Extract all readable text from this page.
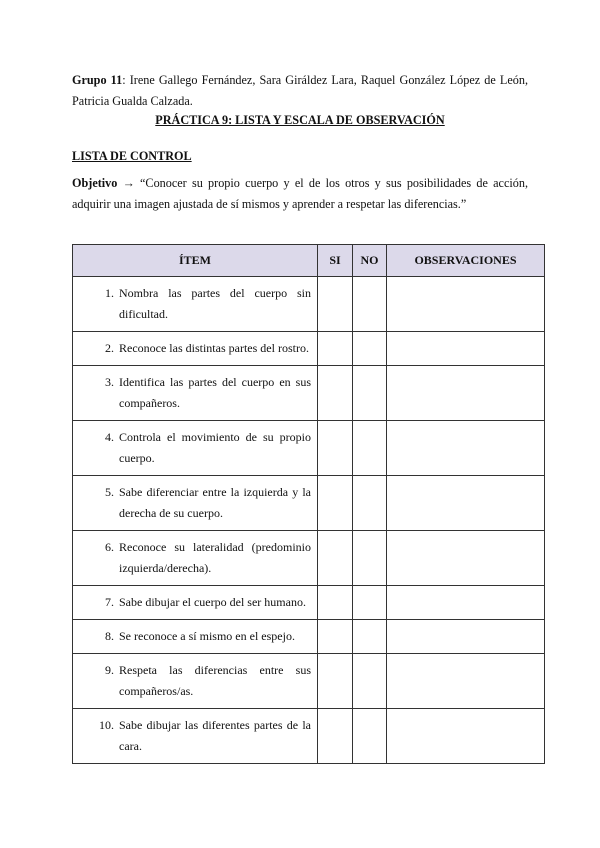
Grupo 11: Irene Gallego Fernández, Sara Giráldez Lara, Raquel González López de León, Patricia Gualda Calzada.
PRÁCTICA 9: LISTA Y ESCALA DE OBSERVACIÓN
LISTA DE CONTROL
Objetivo → “Conocer su propio cuerpo y el de los otros y sus posibilidades de acción, adquirir una imagen ajustada de sí mismos y aprender a respetar las diferencias.”
ÍTEM	SI	NO	OBSERVACIONES

1. Nombra las partes del cuerpo sin dificultad.			

2. Reconoce las distintas partes del rostro.			

3. Identifica las partes del cuerpo en sus compañeros.			

4. Controla el movimiento de su propio cuerpo.			

5. Sabe diferenciar entre la izquierda y la derecha de su cuerpo.			

6. Reconoce su lateralidad (predominio izquierda/derecha).			

7. Sabe dibujar el cuerpo del ser humano.			

8. Se reconoce a sí mismo en el espejo.			

9. Respeta las diferencias entre sus compañeros/as.			

10. Sabe dibujar las diferentes partes de la cara.			
